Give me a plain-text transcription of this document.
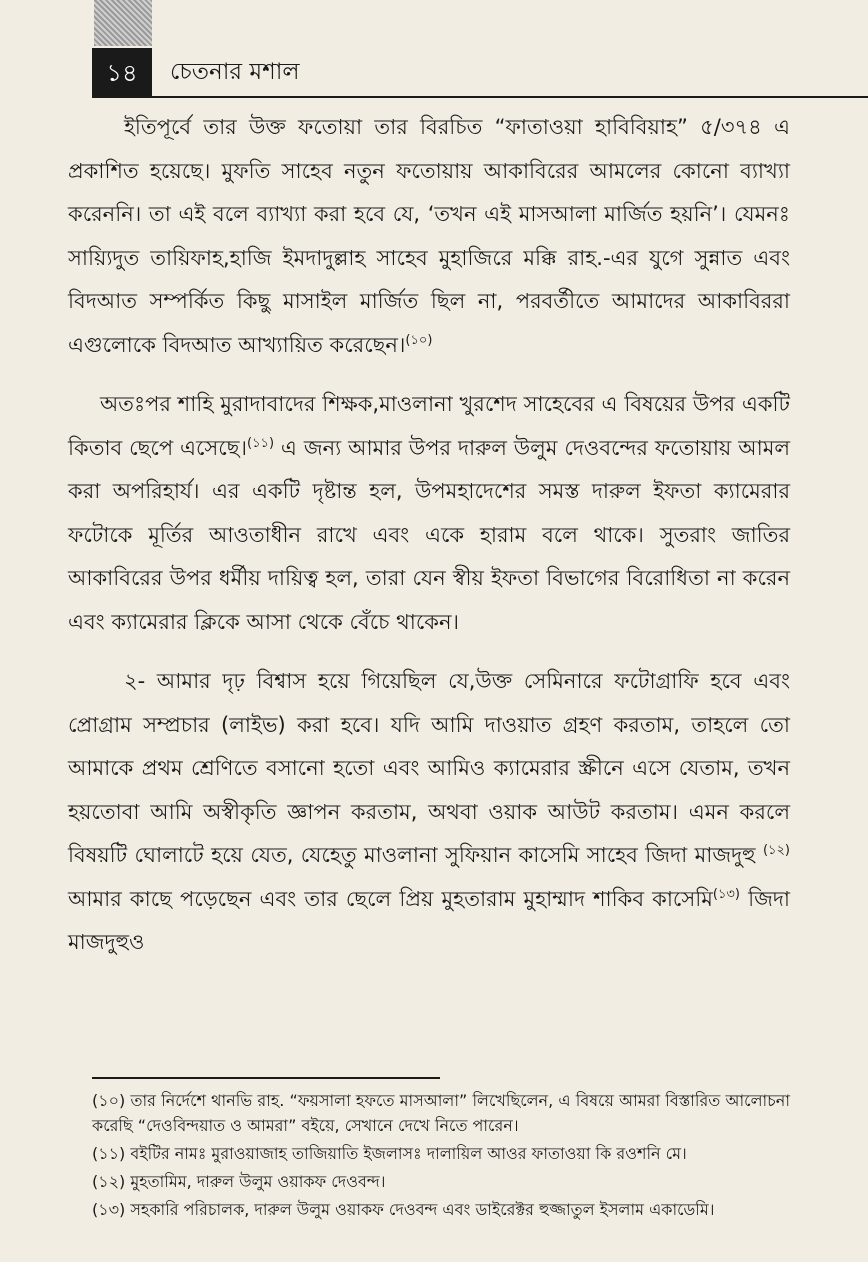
১৪	চেতনার মশাল

ইতিপূর্বে তার উক্ত ফতোয়া তার বিরচিত “ফাতাওয়া হাবিবিয়াহ” ৫/৩৭৪ এ প্রকাশিত হয়েছে। মুফতি সাহেব নতুন ফতোয়ায় আকাবিরের আমলের কোনো ব্যাখ্যা করেননি। তা এই বলে ব্যাখ্যা করা হবে যে, ‘তখন এই মাসআলা মার্জিত হয়নি’। যেমনঃ সায়্যিদুত তায়িফাহ,হাজি ইমদাদুল্লাহ সাহেব মুহাজিরে মক্কি রাহ.-এর যুগে সুন্নাত এবং বিদআত সম্পর্কিত কিছু মাসাইল মার্জিত ছিল না, পরবর্তীতে আমাদের আকাবিররা এগুলোকে বিদআত আখ্যায়িত করেছেন।$^{(১০)}$

অতঃপর শাহি মুরাদাবাদের শিক্ষক,মাওলানা খুরশেদ সাহেবের এ বিষয়ের উপর একটি কিতাব ছেপে এসেছে।$^{(১১)}$ এ জন্য আমার উপর দারুল উলুম দেওবন্দের ফতোয়ায় আমল করা অপরিহার্য। এর একটি দৃষ্টান্ত হল, উপমহাদেশের সমস্ত দারুল ইফতা ক্যামেরার ফটোকে মূর্তির আওতাধীন রাখে এবং একে হারাম বলে থাকে। সুতরাং জাতির আকাবিরের উপর ধর্মীয় দায়িত্ব হল, তারা যেন স্বীয় ইফতা বিভাগের বিরোধিতা না করেন এবং ক্যামেরার ক্লিকে আসা থেকে বেঁচে থাকেন।

২- আমার দৃঢ় বিশ্বাস হয়ে গিয়েছিল যে,উক্ত সেমিনারে ফটোগ্রাফি হবে এবং প্রোগ্রাম সম্প্রচার (লাইভ) করা হবে। যদি আমি দাওয়াত গ্রহণ করতাম, তাহলে তো আমাকে প্রথম শ্রেণিতে বসানো হতো এবং আমিও ক্যামেরার স্ক্রীনে এসে যেতাম, তখন হয়তোবা আমি অস্বীকৃতি জ্ঞাপন করতাম, অথবা ওয়াক আউট করতাম। এমন করলে বিষয়টি ঘোলাটে হয়ে যেত, যেহেতু মাওলানা সুফিয়ান কাসেমি সাহেব জিদা মাজদুহু $^{(১২)}$ আমার কাছে পড়েছেন এবং তার ছেলে প্রিয় মুহতারাম মুহাম্মাদ শাকিব কাসেমি$^{(১৩)}$ জিদা মাজদুহুও

(১০) তার নির্দেশে থানভি রাহ. “ফয়সালা হফতে মাসআলা” লিখেছিলেন, এ বিষয়ে আমরা বিস্তারিত আলোচনা করেছি “দেওবিন্দয়াত ও আমরা” বইয়ে, সেখানে দেখে নিতে পারেন।

(১১) বইটির নামঃ মুরাওয়াজাহ তাজিয়াতি ইজলাসঃ দালায়িল আওর ফাতাওয়া কি রওশনি মে।

(১২) মুহতামিম, দারুল উলুম ওয়াকফ দেওবন্দ।

(১৩) সহকারি পরিচালক, দারুল উলুম ওয়াকফ দেওবন্দ এবং ডাইরেক্টর হুজ্জাতুল ইসলাম একাডেমি।
